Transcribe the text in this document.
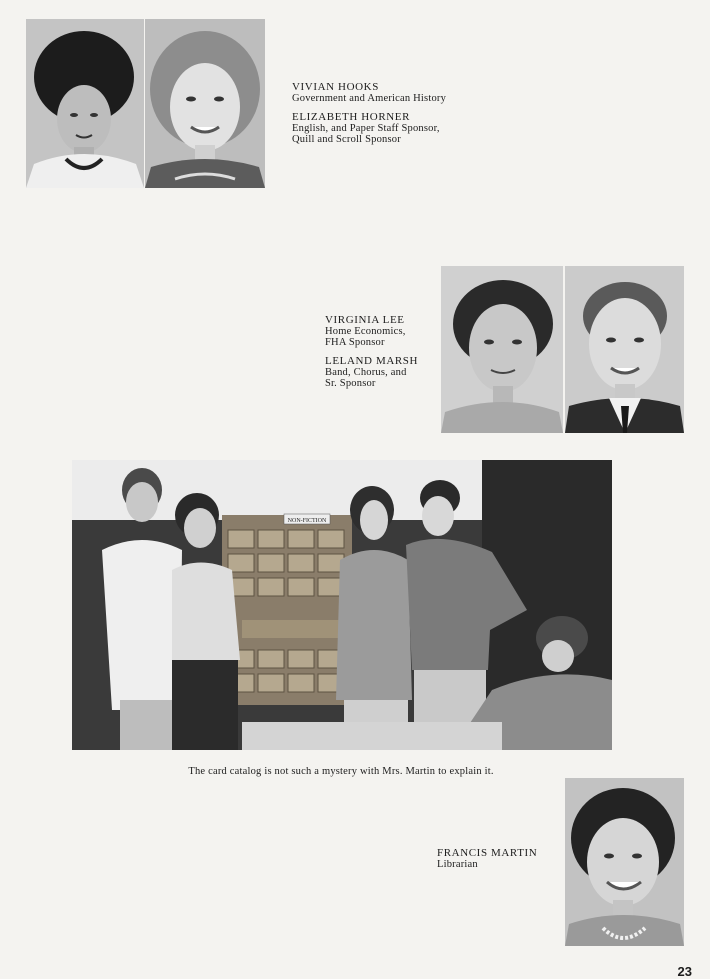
VIVIAN HOOKS
Government and American History
ELIZABETH HORNER
English, and Paper Staff Sponsor,
Quill and Scroll Sponsor
VIRGINIA LEE
Home Economics,
FHA Sponsor
LELAND MARSH
Band, Chorus, and
Sr. Sponsor
NON-FICTION
The card catalog is not such a mystery with Mrs. Martin to explain it.
FRANCIS MARTIN
Librarian
23
